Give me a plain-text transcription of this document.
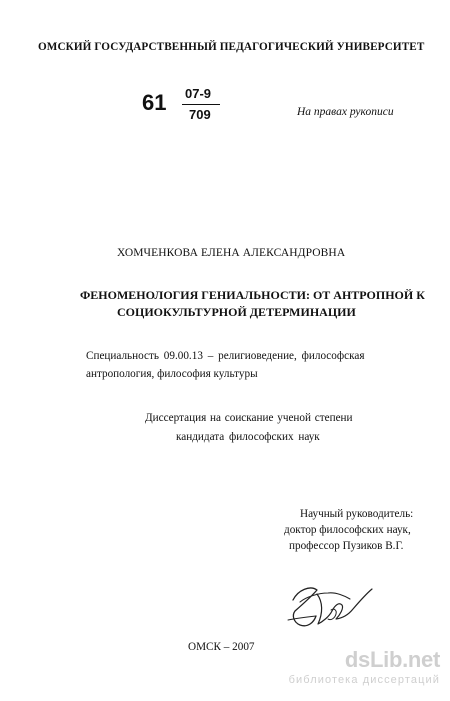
ОМСКИЙ ГОСУДАРСТВЕННЫЙ ПЕДАГОГИЧЕСКИЙ УНИВЕРСИТЕТ
61 07-9
709	На правах рукописи
ХОМЧЕНКОВА ЕЛЕНА АЛЕКСАНДРОВНА
ФЕНОМЕНОЛОГИЯ ГЕНИАЛЬНОСТИ: ОТ АНТРОПНОЙ К
СОЦИОКУЛЬТУРНОЙ ДЕТЕРМИНАЦИИ
Специальность 09.00.13 – религиоведение, философская
антропология, философия культуры
Диссертация на соискание ученой степени
кандидата философских наук
Научный руководитель:
доктор философских наук,
профессор Пузиков В.Г.
ОМСК – 2007	dsLib.net
библиотека диссертаций
